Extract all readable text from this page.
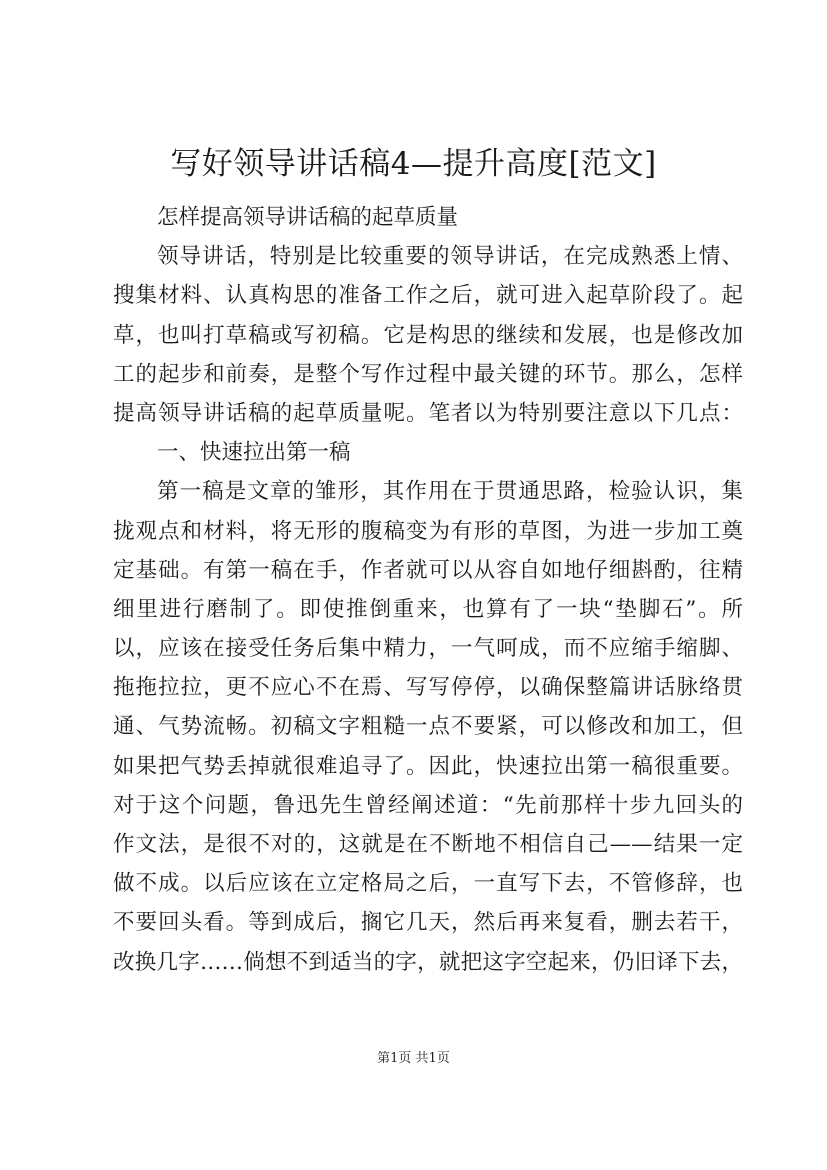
写好领导讲话稿4—提升高度[范文]
怎样提高领导讲话稿的起草质量
领导讲话，特别是比较重要的领导讲话，在完成熟悉上情、
搜集材料、认真构思的准备工作之后，就可进入起草阶段了。起
草，也叫打草稿或写初稿。它是构思的继续和发展，也是修改加
工的起步和前奏，是整个写作过程中最关键的环节。那么，怎样
提高领导讲话稿的起草质量呢。笔者以为特别要注意以下几点：
一、快速拉出第一稿
第一稿是文章的雏形，其作用在于贯通思路，检验认识，集
拢观点和材料，将无形的腹稿变为有形的草图，为进一步加工奠
定基础。有第一稿在手，作者就可以从容自如地仔细斟酌，往精
细里进行磨制了。即使推倒重来，也算有了一块“垫脚石”。所
以，应该在接受任务后集中精力，一气呵成，而不应缩手缩脚、
拖拖拉拉，更不应心不在焉、写写停停，以确保整篇讲话脉络贯
通、气势流畅。初稿文字粗糙一点不要紧，可以修改和加工，但
如果把气势丢掉就很难追寻了。因此，快速拉出第一稿很重要。
对于这个问题，鲁迅先生曾经阐述道：“先前那样十步九回头的
作文法，是很不对的，这就是在不断地不相信自己——结果一定
做不成。以后应该在立定格局之后，一直写下去，不管修辞，也
不要回头看。等到成后，搁它几天，然后再来复看，删去若干，
改换几字……倘想不到适当的字，就把这字空起来，仍旧译下去，
第1页 共1页
